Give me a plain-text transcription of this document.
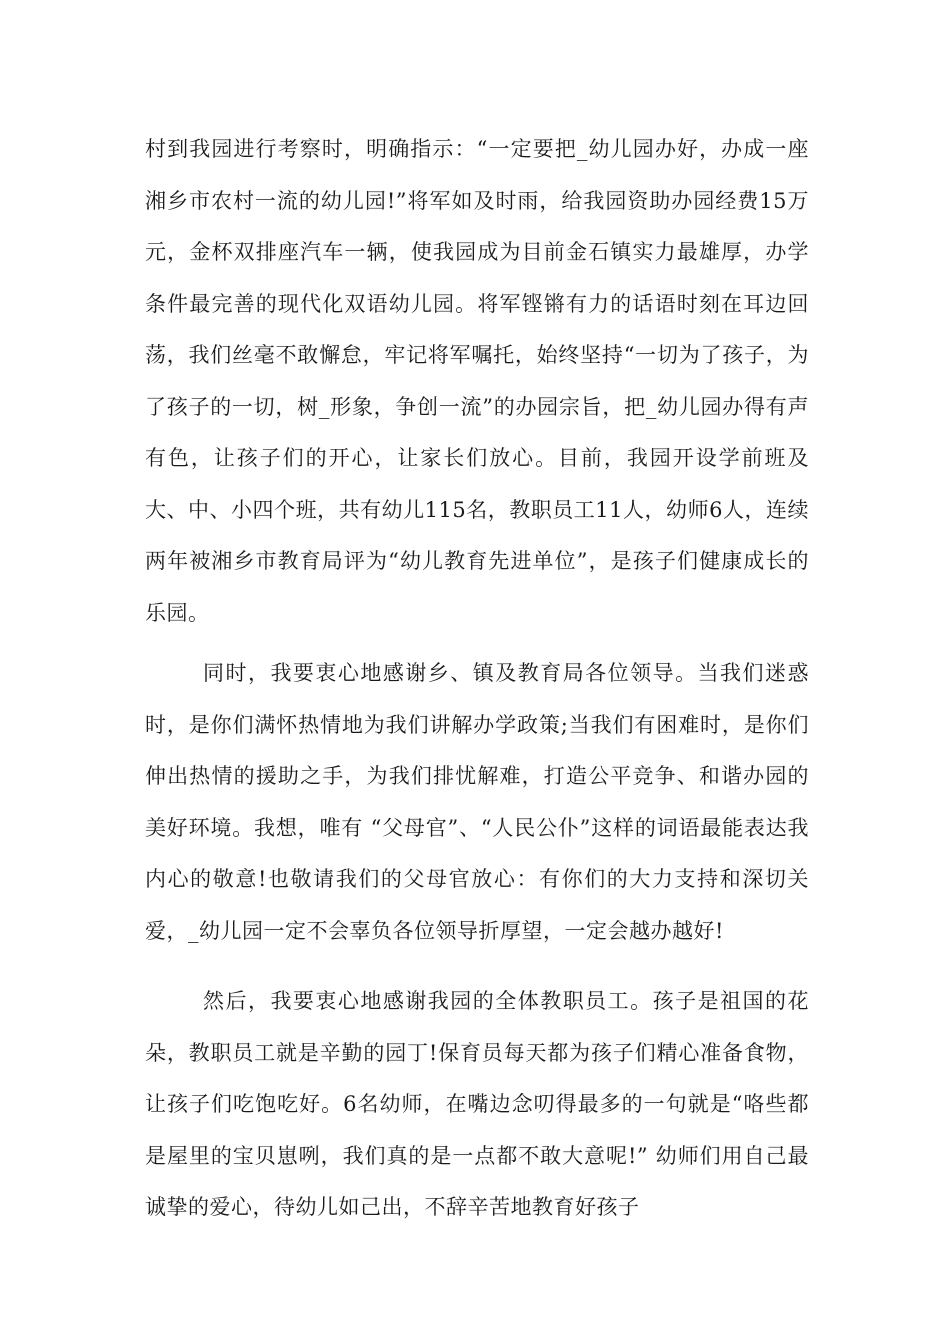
村到我园进行考察时，明确指示：“一定要把_幼儿园办好，办成一座湘乡市农村一流的幼儿园!”将军如及时雨，给我园资助办园经费15万元，金杯双排座汽车一辆，使我园成为目前金石镇实力最雄厚，办学条件最完善的现代化双语幼儿园。将军铿锵有力的话语时刻在耳边回荡，我们丝毫不敢懈怠，牢记将军嘱托，始终坚持“一切为了孩子，为了孩子的一切，树_形象，争创一流”的办园宗旨，把_幼儿园办得有声有色，让孩子们的开心，让家长们放心。目前，我园开设学前班及大、中、小四个班，共有幼儿115名，教职员工11人，幼师6人，连续两年被湘乡市教育局评为“幼儿教育先进单位”，是孩子们健康成长的乐园。

同时，我要衷心地感谢乡、镇及教育局各位领导。当我们迷惑时，是你们满怀热情地为我们讲解办学政策;当我们有困难时，是你们伸出热情的援助之手，为我们排忧解难，打造公平竞争、和谐办园的美好环境。我想，唯有 “父母官”、“人民公仆”这样的词语最能表达我内心的敬意!也敬请我们的父母官放心：有你们的大力支持和深切关爱，_幼儿园一定不会辜负各位领导折厚望，一定会越办越好!

然后，我要衷心地感谢我园的全体教职员工。孩子是祖国的花朵，教职员工就是辛勤的园丁!保育员每天都为孩子们精心准备食物，让孩子们吃饱吃好。6名幼师，在嘴边念叨得最多的一句就是“咯些都是屋里的宝贝崽咧，我们真的是一点都不敢大意呢!” 幼师们用自己最诚挚的爱心，待幼儿如己出，不辞辛苦地教育好孩子
